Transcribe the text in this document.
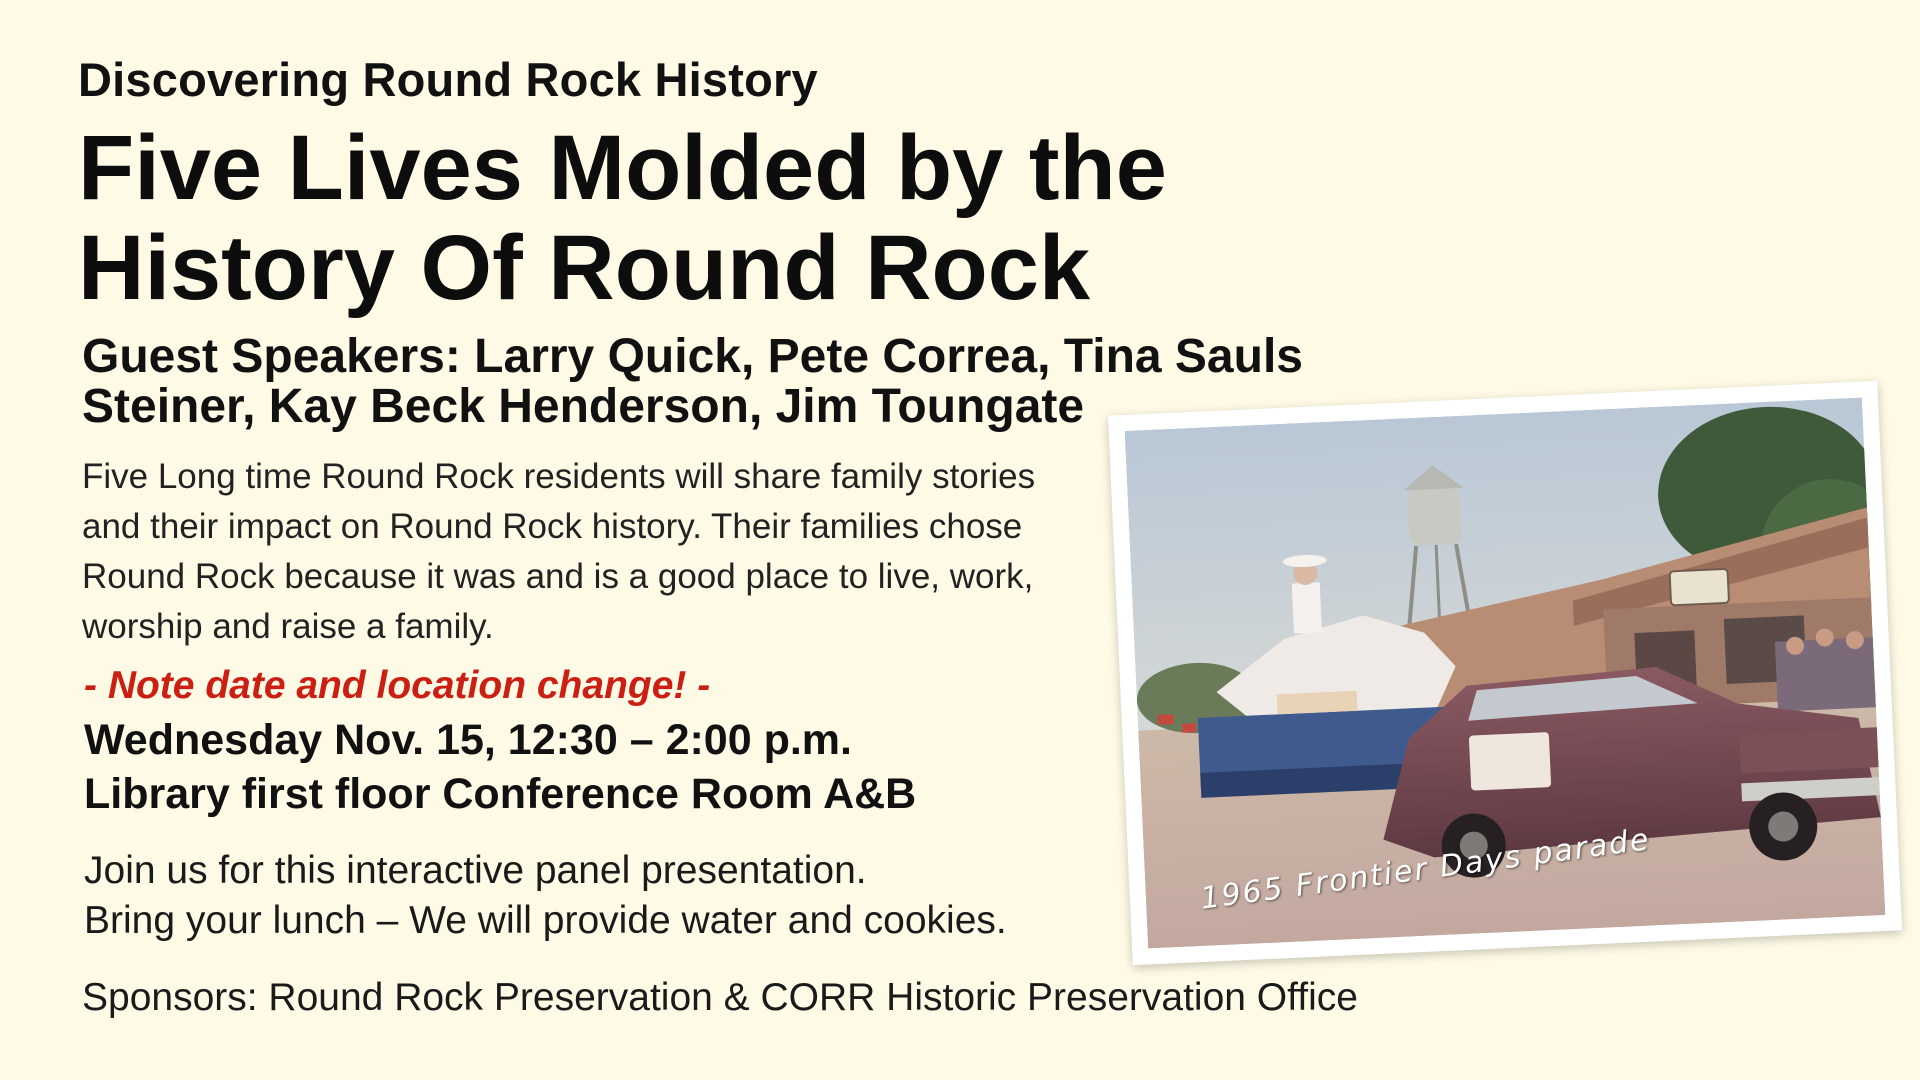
Discovering Round Rock History
Five Lives Molded by the
History Of Round Rock
Guest Speakers: Larry Quick, Pete Correa, Tina Sauls
Steiner, Kay Beck Henderson, Jim Toungate
Five Long time Round Rock residents will share family stories
and their impact on Round Rock history. Their families chose
Round Rock because it was and is a good place to live, work,
worship and raise a family.
- Note date and location change! -
Wednesday Nov. 15, 12:30 – 2:00 p.m.
Library first floor Conference Room A&B
Join us for this interactive panel presentation.
Bring your lunch – We will provide water and cookies.
Sponsors: Round Rock Preservation & CORR Historic Preservation Office
1965 Frontier Days parade
